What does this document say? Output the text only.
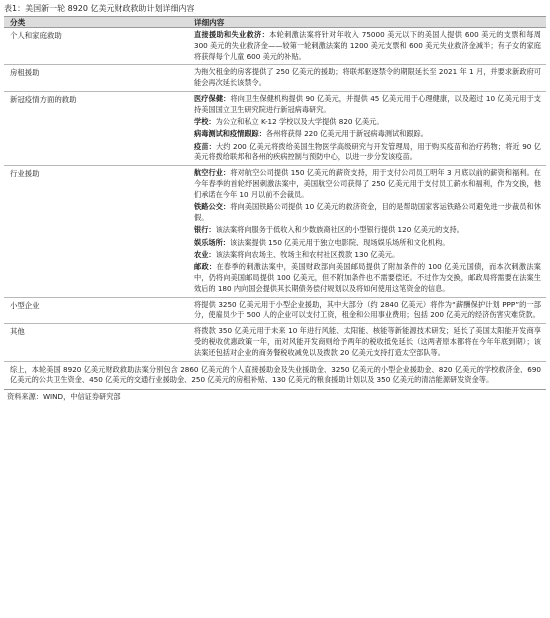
表1：美国新一轮 8920 亿美元财政救助计划详细内容
分类	详细内容
个人和家庭救助	直接援助和失业救济：本轮刺激法案将针对年收入 75000 美元以下的美国人提供 600 美元的支票和每周 300 美元的失业救济金——较第一轮刺激法案的 1200 美元支票和 600 美元失业救济金减半；有子女的家庭将获得每个儿童 600 美元的补贴。

房租援助	为拖欠租金的房客提供了 250 亿美元的援助；将联邦驱逐禁令的期限延长至 2021 年 1 月，并要求新政府可能会再次延长该禁令。

新冠疫情方面的救助	医疗保健：将向卫生保健机构提供 90 亿美元，并提供 45 亿美元用于心理健康，以及超过 10 亿美元用于支持美国国立卫生研究院进行新冠病毒研究。

学校：为公立和私立 K-12 学校以及大学提供 820 亿美元。

病毒测试和疫情跟踪：各州将获得 220 亿美元用于新冠病毒测试和跟踪。

疫苗：大约 200 亿美元将拨给美国生物医学高级研究与开发管理局，用于购买疫苗和治疗药物；将近 90 亿美元将拨给联邦和各州的疾病控制与预防中心，以进一步分发该疫苗。

行业援助	航空行业：将对航空公司提供 150 亿美元的薪资支持，用于支付公司员工明年 3 月底以前的薪资和福利。在今年春季的首轮纾困刺激法案中，美国航空公司获得了 250 亿美元用于支付员工薪水和福利，作为交换，他们承诺在今年 10 月以前不会裁员。

铁路公交：将向美国铁路公司提供 10 亿美元的救济资金，目的是帮助国家客运铁路公司避免进一步裁员和休假。

银行：该法案将向服务于低收入和少数族裔社区的小型银行提供 120 亿美元的支持。

娱乐场所：该法案提供 150 亿美元用于独立电影院、现场娱乐场所和文化机构。

农业：该法案将向农场主、牧场主和农村社区拨款 130 亿美元。

邮政：在春季的刺激法案中，美国财政部向美国邮局提供了附加条件的 100 亿美元国债，而本次刺激法案中，仍将向美国邮局提供 100 亿美元，但不附加条件也不需要偿还。不过作为交换，邮政局将需要在法案生效后的 180 内向国会提供其长期债务偿付规划以及将如何使用这笔资金的信息。

小型企业	将提供 3250 亿美元用于小型企业援助，其中大部分（约 2840 亿美元）将作为“薪酬保护计划 PPP”的一部分，使雇员少于 500 人的企业可以支付工资，租金和公用事业费用；包括 200 亿美元的经济伤害灾难贷款。

其他	将拨款 350 亿美元用于未来 10 年进行风能、太阳能、核能等新能源技术研发；延长了美国太阳能开发商享受的税收优惠政策一年，而对风能开发商则给予两年的税收抵免延长（这两者原本都将在今年年底到期）；该法案还包括对企业的商务餐税收减免以及拨款 20 亿美元支持打造太空部队等。

综上，本轮美国 8920 亿美元财政救助法案分别包含 2860 亿美元的个人直接援助金及失业援助金、3250 亿美元的小型企业援助金、820 亿美元的学校救济金、690 亿美元的公共卫生资金、450 亿美元的交通行业援助金、250 亿美元的房租补贴、130 亿美元的粮食援助计划以及 350 亿美元的清洁能源研发资金等。
资料来源：WIND，中信证券研究部
